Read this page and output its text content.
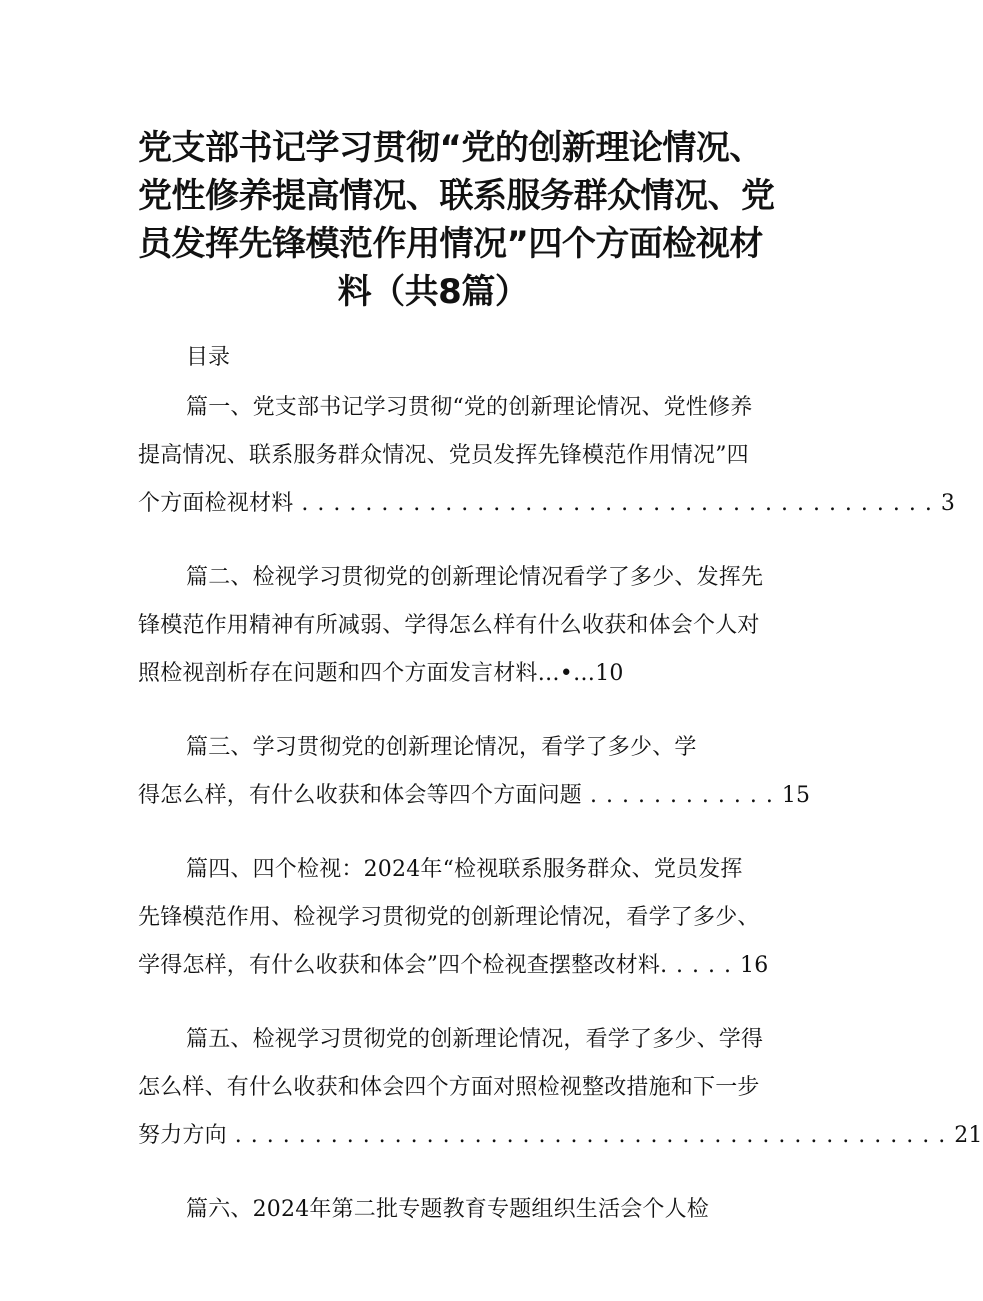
党支部书记学习贯彻“党的创新理论情况、
党性修养提高情况、联系服务群众情况、党
员发挥先锋模范作用情况”四个方面检视材
料（共8篇）
目录
篇一、党支部书记学习贯彻“党的创新理论情况、党性修养
提高情况、联系服务群众情况、党员发挥先锋模范作用情况”四
个方面检视材料 . . . . . . . . . . . . . . . . . . . . . . . . . . . . . . . . . . . . . . . . 3
篇二、检视学习贯彻党的创新理论情况看学了多少、发挥先
锋模范作用精神有所减弱、学得怎么样有什么收获和体会个人对
照检视剖析存在问题和四个方面发言材料…•…10
篇三、学习贯彻党的创新理论情况，看学了多少、学
得怎么样，有什么收获和体会等四个方面问题 . . . . . . . . . . . . 15
篇四、四个检视：2024年“检视联系服务群众、党员发挥
先锋模范作用、检视学习贯彻党的创新理论情况，看学了多少、
学得怎样，有什么收获和体会”四个检视查摆整改材料. . . . . 16
篇五、检视学习贯彻党的创新理论情况，看学了多少、学得
怎么样、有什么收获和体会四个方面对照检视整改措施和下一步
努力方向 . . . . . . . . . . . . . . . . . . . . . . . . . . . . . . . . . . . . . . . . . . . . . 21
篇六、2024年第二批专题教育专题组织生活会个人检
